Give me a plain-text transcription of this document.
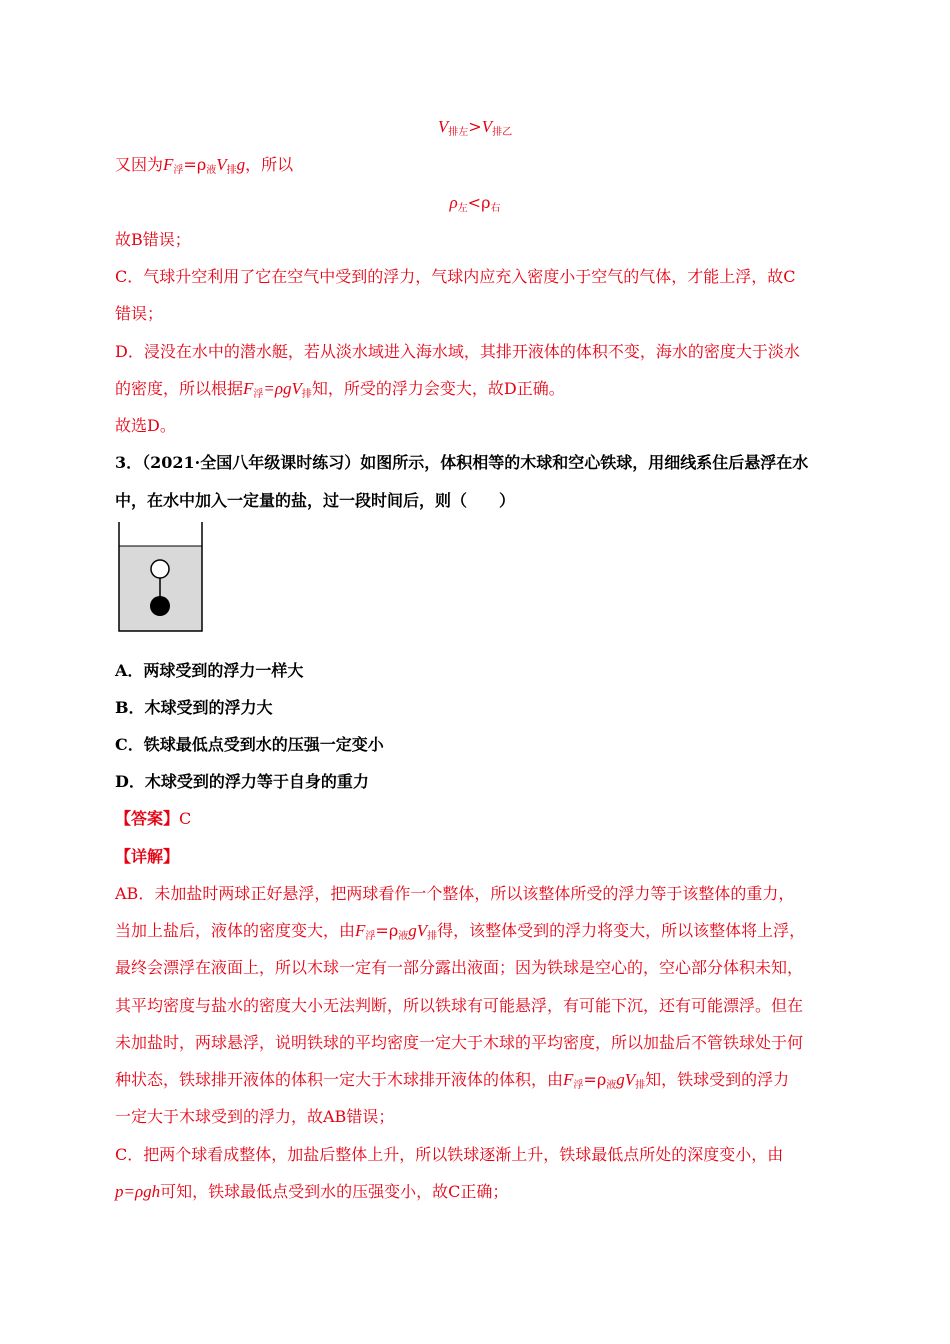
$V_{排左}>V_{排乙}$
又因为$F_浮=\rho_液V_排g$，所以
$\rho_左<\rho_右$
故B错误；
C．气球升空利用了它在空气中受到的浮力，气球内应充入密度小于空气的气体，才能上浮，故C
错误；
D．浸没在水中的潜水艇，若从淡水域进入海水域，其排开液体的体积不变，海水的密度大于淡水
的密度，所以根据$F_浮=\rho gV_排$知，所受的浮力会变大，故D正确。
故选D。
3．（2021·全国八年级课时练习）如图所示，体积相等的木球和空心铁球，用细线系住后悬浮在水
中，在水中加入一定量的盐，过一段时间后，则（　　）
A．两球受到的浮力一样大
B．木球受到的浮力大
C．铁球最低点受到水的压强一定变小
D．木球受到的浮力等于自身的重力
【答案】C
【详解】
AB．未加盐时两球正好悬浮，把两球看作一个整体，所以该整体所受的浮力等于该整体的重力，
当加上盐后，液体的密度变大，由$F_浮=\rho_液gV_排$得，该整体受到的浮力将变大，所以该整体将上浮，
最终会漂浮在液面上，所以木球一定有一部分露出液面；因为铁球是空心的，空心部分体积未知，
其平均密度与盐水的密度大小无法判断，所以铁球有可能悬浮，有可能下沉，还有可能漂浮。但在
未加盐时，两球悬浮，说明铁球的平均密度一定大于木球的平均密度，所以加盐后不管铁球处于何
种状态，铁球排开液体的体积一定大于木球排开液体的体积，由$F_浮=\rho_液gV_排$知，铁球受到的浮力
一定大于木球受到的浮力，故AB错误；
C．把两个球看成整体，加盐后整体上升，所以铁球逐渐上升，铁球最低点所处的深度变小，由
p=ρgh可知，铁球最低点受到水的压强变小，故C正确；
